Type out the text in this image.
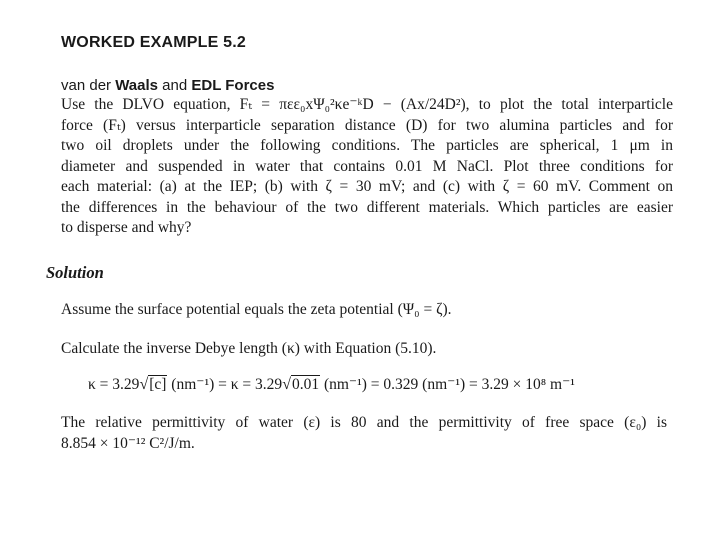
WORKED EXAMPLE 5.2

van der Waals and EDL Forces

Use the DLVO equation, Fₜ = πεε₀xΨ₀²κe⁻ᵏD − (Ax/24D²), to plot the total interparticle
force (Fₜ) versus interparticle separation distance (D) for two alumina particles and for
two oil droplets under the following conditions. The particles are spherical, 1 μm in
diameter and suspended in water that contains 0.01 M NaCl. Plot three conditions for
each material: (a) at the IEP; (b) with ζ = 30 mV; and (c) with ζ = 60 mV. Comment on
the differences in the behaviour of the two different materials. Which particles are easier
to disperse and why?
Solution

Assume the surface potential equals the zeta potential (Ψ₀ = ζ).

Calculate the inverse Debye length (κ) with Equation (5.10).

κ = 3.29√[c] (nm⁻¹) = κ = 3.29√0.01 (nm⁻¹) = 0.329 (nm⁻¹) = 3.29 × 10⁸ m⁻¹

The relative permittivity of water (ε) is 80 and the permittivity of free space (ε₀) is
8.854 × 10⁻¹² C²/J/m.
